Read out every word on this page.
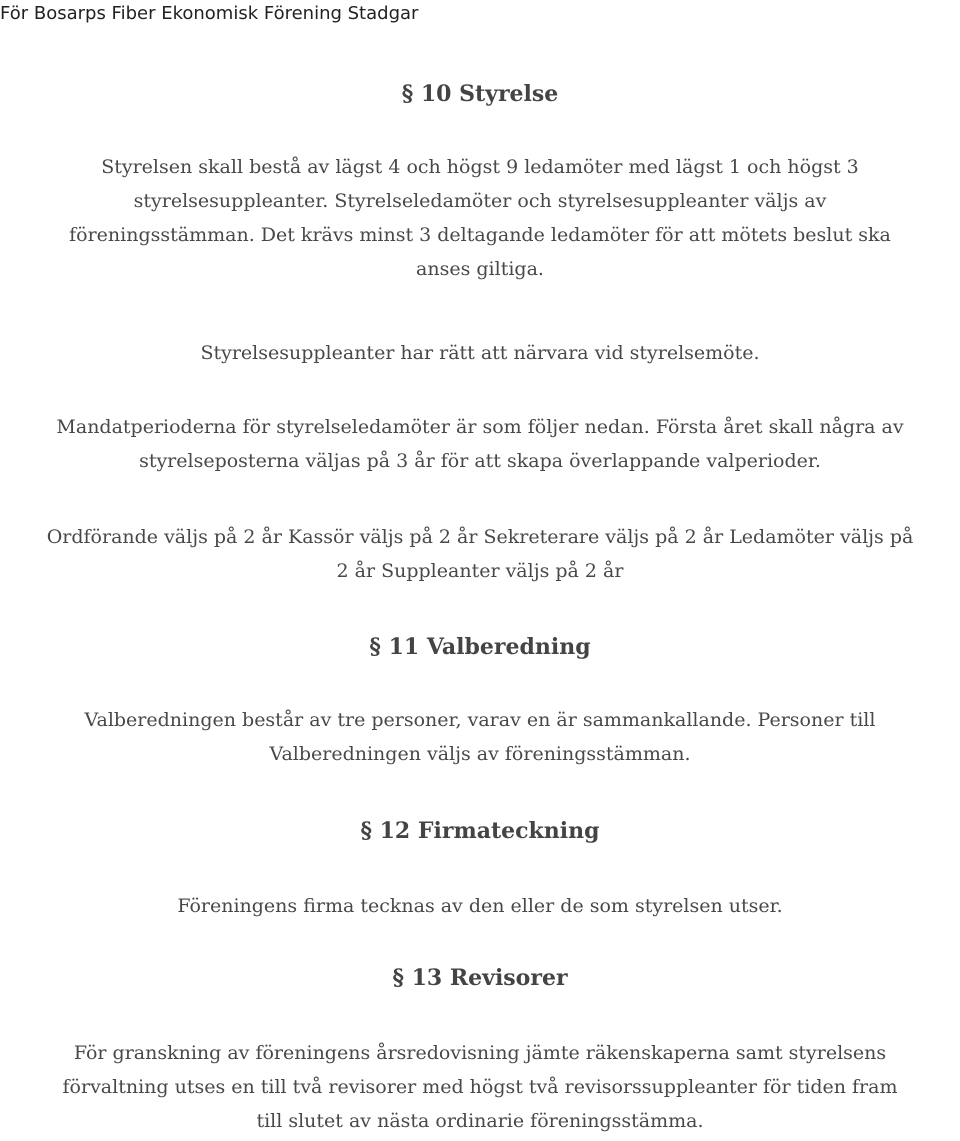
För Bosarps Fiber Ekonomisk Förening Stadgar
§ 10 Styrelse
Styrelsen skall bestå av lägst 4 och högst 9 ledamöter med lägst 1 och högst 3
styrelsesuppleanter. Styrelseledamöter och styrelsesuppleanter väljs av
föreningsstämman. Det krävs minst 3 deltagande ledamöter för att mötets beslut ska
anses giltiga.
Styrelsesuppleanter har rätt att närvara vid styrelsemöte.
Mandatperioderna för styrelseledamöter är som följer nedan. Första året skall några av
styrelseposterna väljas på 3 år för att skapa överlappande valperioder.
Ordförande väljs på 2 år Kassör väljs på 2 år Sekreterare väljs på 2 år Ledamöter väljs på
2 år Suppleanter väljs på 2 år
§ 11 Valberedning
Valberedningen består av tre personer, varav en är sammankallande. Personer till
Valberedningen väljs av föreningsstämman.
§ 12 Firmateckning
Föreningens firma tecknas av den eller de som styrelsen utser.
§ 13 Revisorer
För granskning av föreningens årsredovisning jämte räkenskaperna samt styrelsens
förvaltning utses en till två revisorer med högst två revisorssuppleanter för tiden fram
till slutet av nästa ordinarie föreningsstämma.
